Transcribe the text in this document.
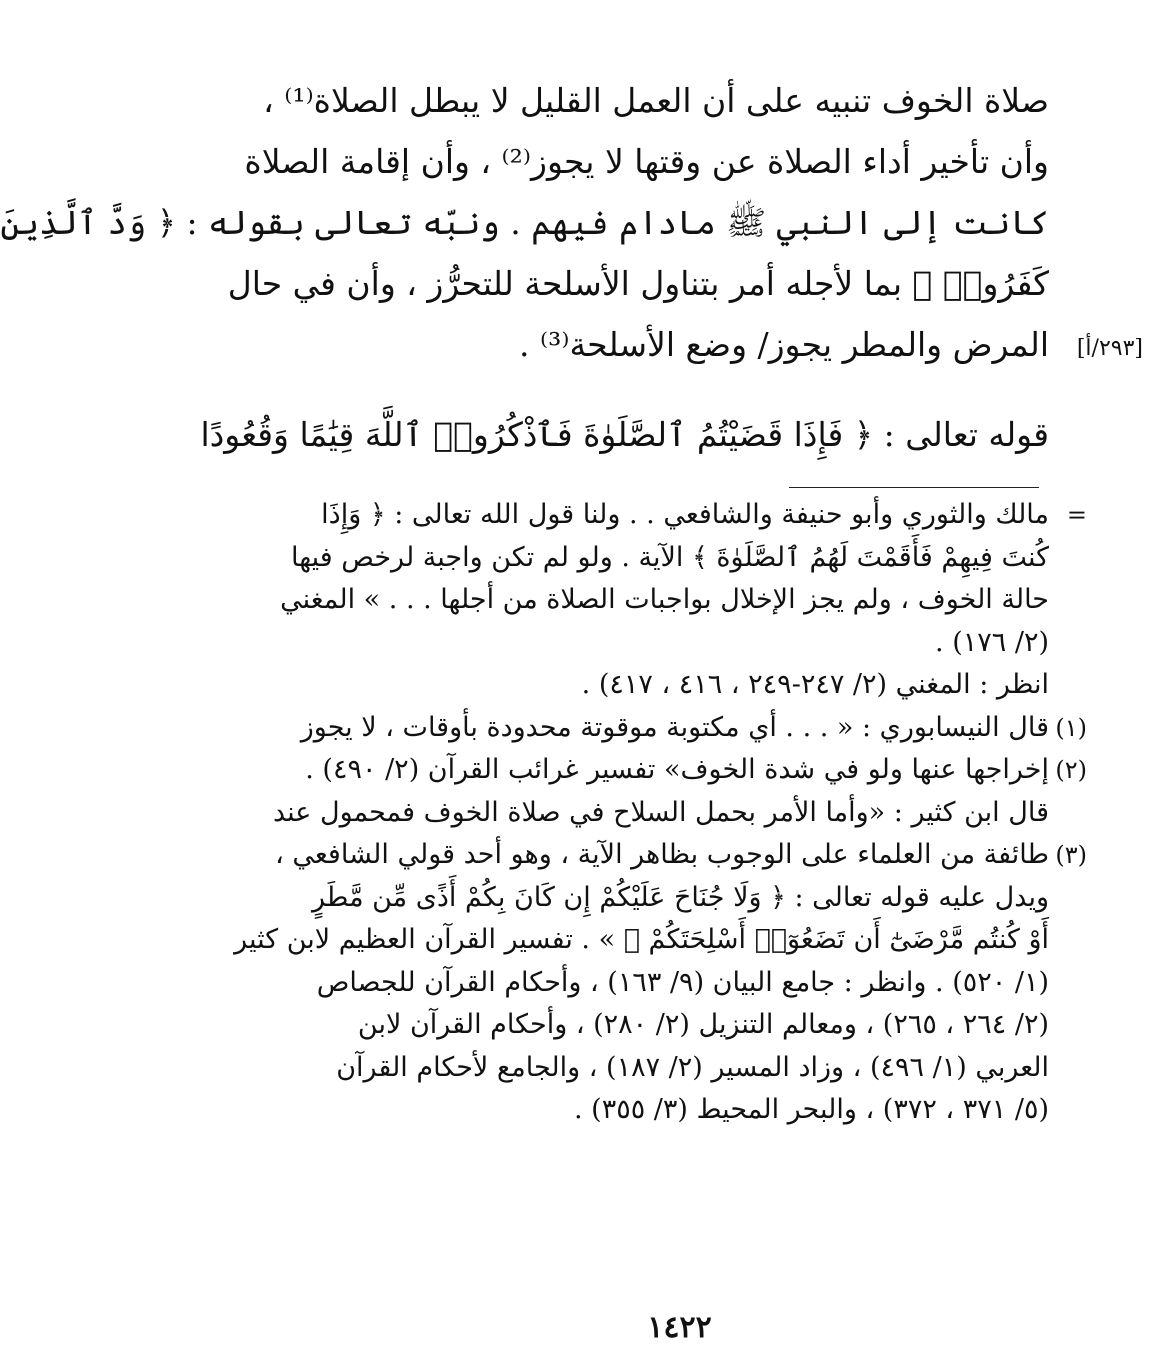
صلاة الخوف تنبيه على أن العمل القليل لا يبطل الصلاة⁽¹⁾ ،
وأن تأخير أداء الصلاة عن وقتها لا يجوز⁽²⁾ ، وأن إقامة الصلاة
كانت إلى النبي ﷺ مادام فيهم . ونبّه تعالى بقوله : ﴿ وَدَّ ٱلَّذِينَ
كَفَرُوا۟ ﴾ بما لأجله أمر بتناول الأسلحة للتحرُّز ، وأن في حال
المرض والمطر يجوز/ وضع الأسلحة⁽³⁾ . [٢٩٣/أ]
قوله تعالى : ﴿ فَإِذَا قَضَيْتُمُ ٱلصَّلَوٰةَ فَٱذْكُرُوا۟ ٱللَّهَ قِيَٰمًا وَقُعُودًا
=
(١)
(٢)
(٣)
مالك والثوري وأبو حنيفة والشافعي . . ولنا قول الله تعالى : ﴿ وَإِذَا
كُنتَ فِيهِمْ فَأَقَمْتَ لَهُمُ ٱلصَّلَوٰةَ ﴾ الآية . ولو لم تكن واجبة لرخص فيها
حالة الخوف ، ولم يجز الإخلال بواجبات الصلاة من أجلها . . . » المغني
(٢/ ١٧٦) .
انظر : المغني (٢/ ٢٤٧-٢٤٩ ، ٤١٦ ، ٤١٧) .
قال النيسابوري : « . . . أي مكتوبة موقوتة محدودة بأوقات ، لا يجوز
إخراجها عنها ولو في شدة الخوف» تفسير غرائب القرآن (٢/ ٤٩٠) .
قال ابن كثير : «وأما الأمر بحمل السلاح في صلاة الخوف فمحمول عند
طائفة من العلماء على الوجوب بظاهر الآية ، وهو أحد قولي الشافعي ،
ويدل عليه قوله تعالى : ﴿ وَلَا جُنَاحَ عَلَيْكُمْ إِن كَانَ بِكُمْ أَذًى مِّن مَّطَرٍ
أَوْ كُنتُم مَّرْضَىٰٓ أَن تَضَعُوٓا۟ أَسْلِحَتَكُمْ ﴾ » . تفسير القرآن العظيم لابن كثير
(١/ ٥٢٠) . وانظر : جامع البيان (٩/ ١٦٣) ، وأحكام القرآن للجصاص
(٢/ ٢٦٤ ، ٢٦٥) ، ومعالم التنزيل (٢/ ٢٨٠) ، وأحكام القرآن لابن
العربي (١/ ٤٩٦) ، وزاد المسير (٢/ ١٨٧) ، والجامع لأحكام القرآن
(٥/ ٣٧١ ، ٣٧٢) ، والبحر المحيط (٣/ ٣٥٥) .
١٤٢٢
